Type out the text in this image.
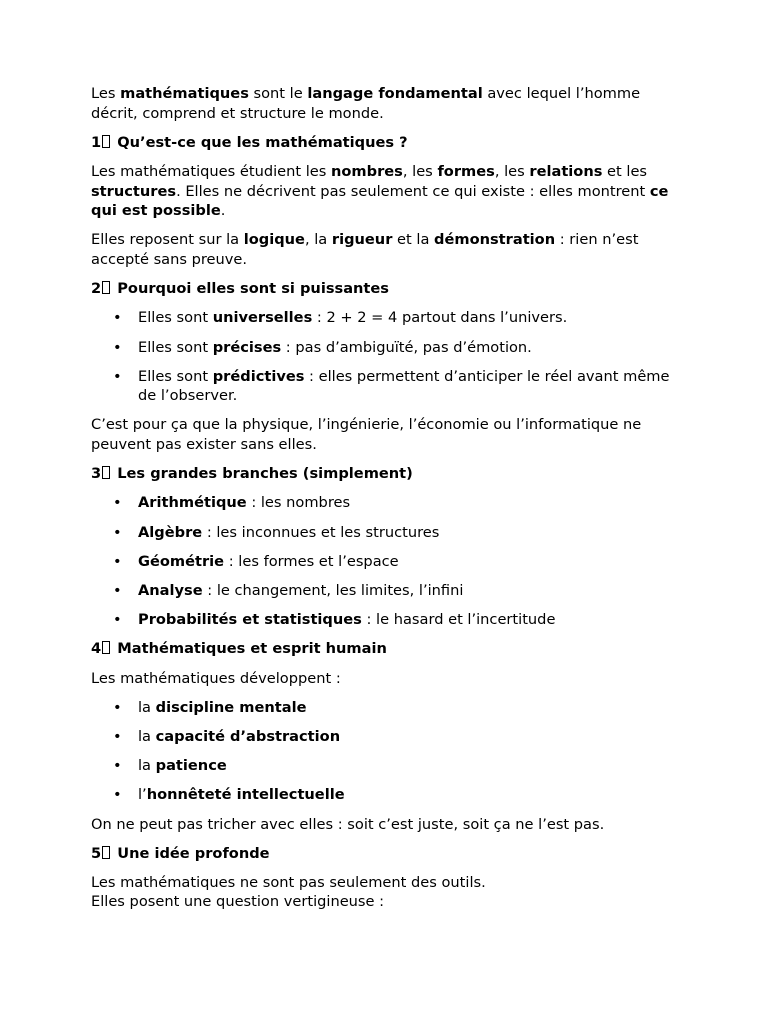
Les mathématiques sont le langage fondamental avec lequel l’homme décrit, comprend et structure le monde.

1 Qu’est-ce que les mathématiques ?

Les mathématiques étudient les nombres, les formes, les relations et les structures. Elles ne décrivent pas seulement ce qui existe : elles montrent ce qui est possible.

Elles reposent sur la logique, la rigueur et la démonstration : rien n’est accepté sans preuve.

2 Pourquoi elles sont si puissantes
• Elles sont universelles : 2 + 2 = 4 partout dans l’univers.
• Elles sont précises : pas d’ambiguïté, pas d’émotion.
• Elles sont prédictives : elles permettent d’anticiper le réel avant même de l’observer.

C’est pour ça que la physique, l’ingénierie, l’économie ou l’informatique ne peuvent pas exister sans elles.

3 Les grandes branches (simplement)
• Arithmétique : les nombres
• Algèbre : les inconnues et les structures
• Géométrie : les formes et l’espace
• Analyse : le changement, les limites, l’infini
• Probabilités et statistiques : le hasard et l’incertitude
4 Mathématiques et esprit humain

Les mathématiques développent :

• la discipline mentale
• la capacité d’abstraction
• la patience
• l’honnêteté intellectuelle

On ne peut pas tricher avec elles : soit c’est juste, soit ça ne l’est pas.

5 Une idée profonde

Les mathématiques ne sont pas seulement des outils.
Elles posent une question vertigineuse :
